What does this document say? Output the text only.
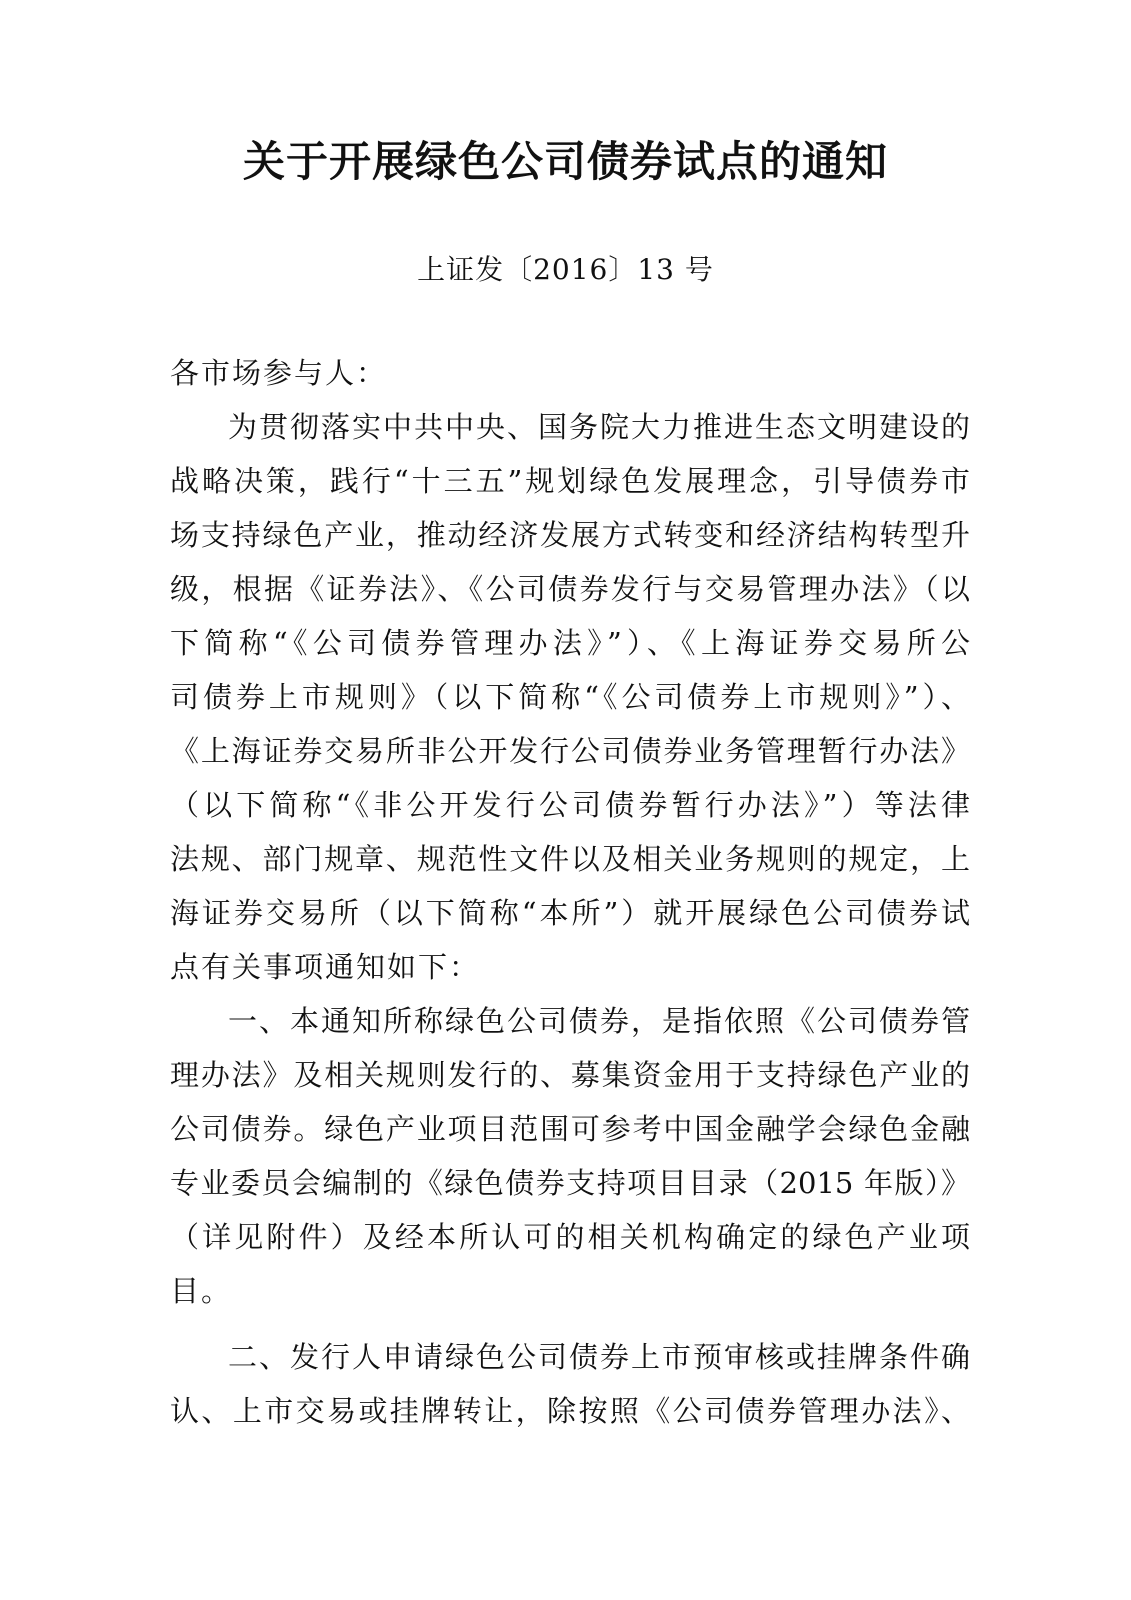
关于开展绿色公司债券试点的通知
上证发〔2016〕13 号
各市场参与人：
为贯彻落实中共中央、国务院大力推进生态文明建设的
战略决策，践行“十三五”规划绿色发展理念，引导债券市
场支持绿色产业，推动经济发展方式转变和经济结构转型升
级，根据《证券法》、《公司债券发行与交易管理办法》（以
下简称“《公司债券管理办法》”）、《上海证券交易所公
司债券上市规则》（以下简称“《公司债券上市规则》”）、
《上海证券交易所非公开发行公司债券业务管理暂行办法》
（以下简称“《非公开发行公司债券暂行办法》”）等法律
法规、部门规章、规范性文件以及相关业务规则的规定，上
海证券交易所（以下简称“本所”）就开展绿色公司债券试
点有关事项通知如下：
一、本通知所称绿色公司债券，是指依照《公司债券管
理办法》及相关规则发行的、募集资金用于支持绿色产业的
公司债券。绿色产业项目范围可参考中国金融学会绿色金融
专业委员会编制的《绿色债券支持项目目录（2015 年版）》
（详见附件）及经本所认可的相关机构确定的绿色产业项
目。
二、发行人申请绿色公司债券上市预审核或挂牌条件确
认、上市交易或挂牌转让，除按照《公司债券管理办法》、
